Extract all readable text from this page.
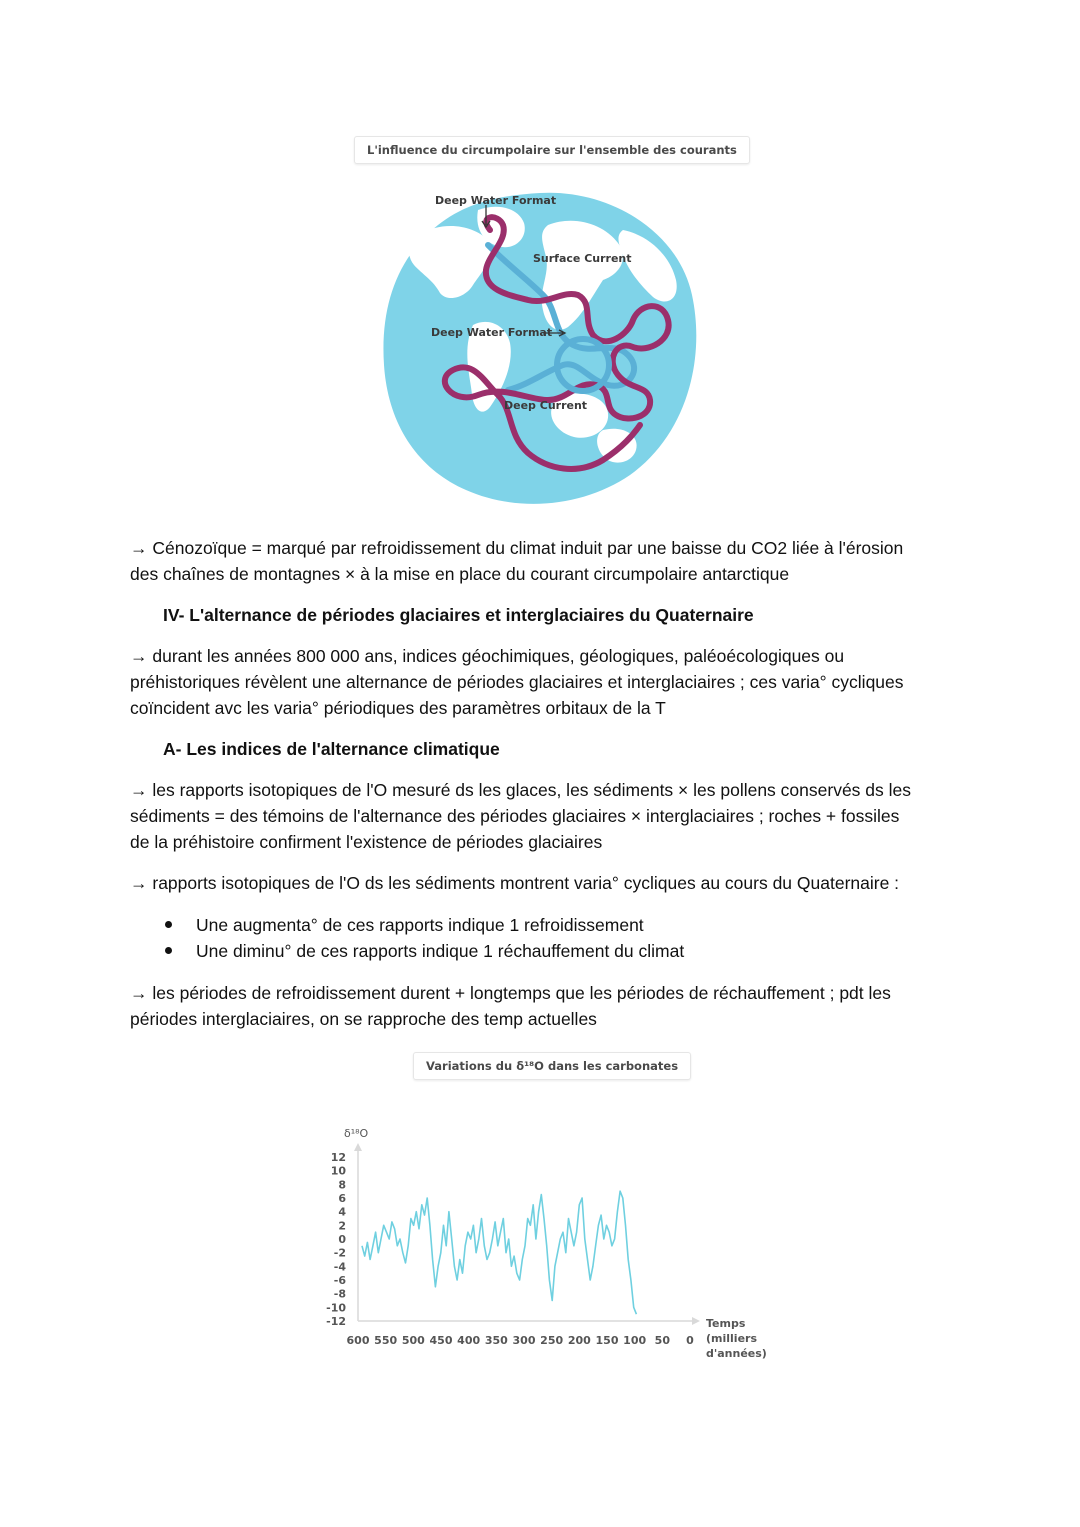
L'influence du circumpolaire sur l'ensemble des courants
Deep Water Format
Surface Current
Deep Water Format
Deep Current
→ Cénozoïque = marqué par refroidissement du climat induit par une baisse du CO2 liée à l'érosion
des chaînes de montagnes × à la mise en place du courant circumpolaire antarctique
IV- L'alternance de périodes glaciaires et interglaciaires du Quaternaire
→ durant les années 800 000 ans, indices géochimiques, géologiques, paléoécologiques ou
préhistoriques révèlent une alternance de périodes glaciaires et interglaciaires ; ces varia° cycliques
coïncident avc les varia° périodiques des paramètres orbitaux de la T
A- Les indices de l'alternance climatique
→ les rapports isotopiques de l'O mesuré ds les glaces, les sédiments × les pollens conservés ds les
sédiments = des témoins de l'alternance des périodes glaciaires × interglaciaires ; roches + fossiles
de la préhistoire confirment l'existence de périodes glaciaires
→ rapports isotopiques de l'O ds les sédiments montrent varia° cycliques au cours du Quaternaire :
Une augmenta° de ces rapports indique 1 refroidissement
Une diminu° de ces rapports indique 1 réchauffement du climat
→ les périodes de refroidissement durent + longtemps que les périodes de réchauffement ; pdt les
périodes interglaciaires, on se rapproche des temp actuelles
Variations du δ¹⁸O dans les carbonates
12
10
8
6
4
2
0
-2
-4
-6
-8
-10
-12
600 550 500 450 400 350 300 250 200 150 100 50 0
δ¹⁸O
Temps
(milliers
d'années)
